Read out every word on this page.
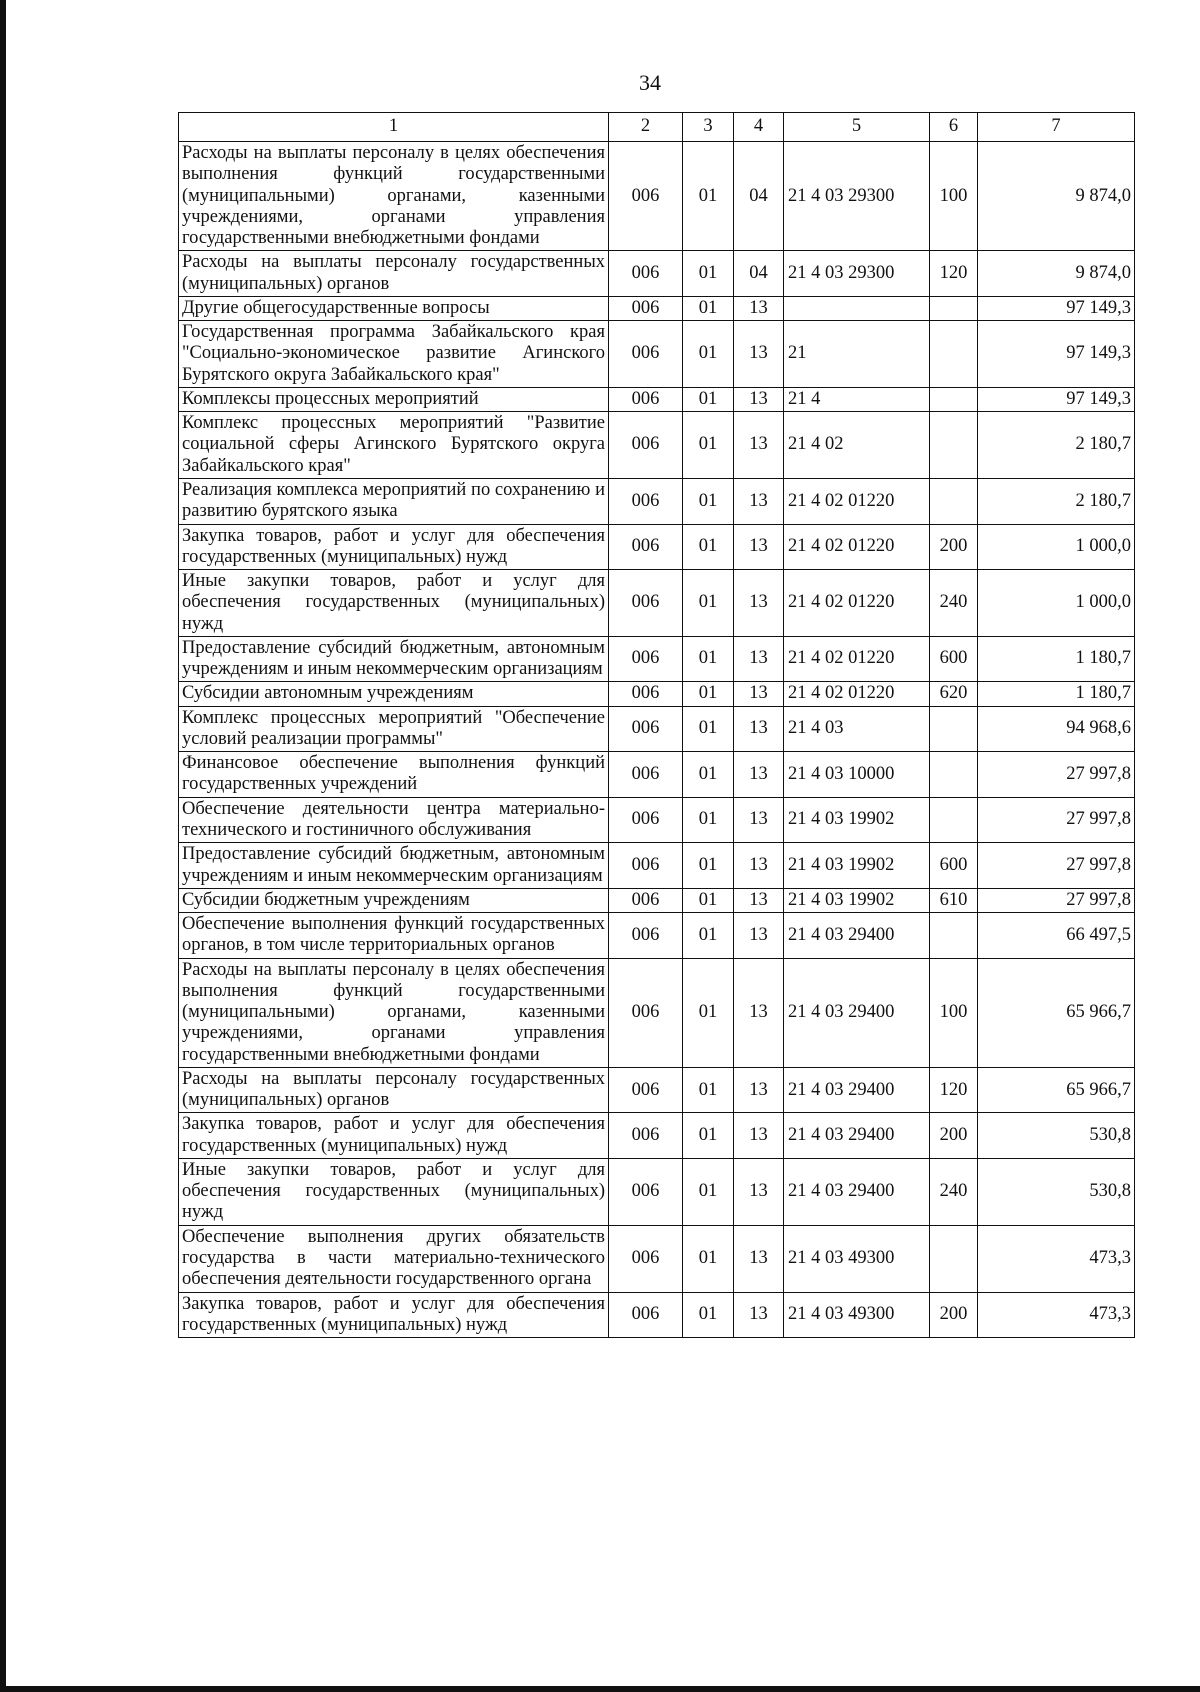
34
1	2	3	4	5	6	7
Расходы на выплаты персоналу в целях обеспечения выполнения функций государственными (муниципальными) органами, казенными учреждениями, органами управления государственными внебюджетными фондами	006	01	04	21 4 03 29300	100	9 874,0
Расходы на выплаты персоналу государственных (муниципальных) органов	006	01	04	21 4 03 29300	120	9 874,0
Другие общегосударственные вопросы	006	01	13			97 149,3
Государственная программа Забайкальского края "Социально-экономическое развитие Агинского Бурятского округа Забайкальского края"	006	01	13	21		97 149,3
Комплексы процессных мероприятий	006	01	13	21 4		97 149,3
Комплекс процессных мероприятий "Развитие социальной сферы Агинского Бурятского округа Забайкальского края"	006	01	13	21 4 02		2 180,7
Реализация комплекса мероприятий по сохранению и развитию бурятского языка	006	01	13	21 4 02 01220		2 180,7
Закупка товаров, работ и услуг для обеспечения государственных (муниципальных) нужд	006	01	13	21 4 02 01220	200	1 000,0
Иные закупки товаров, работ и услуг для обеспечения государственных (муниципальных) нужд	006	01	13	21 4 02 01220	240	1 000,0
Предоставление субсидий бюджетным, автономным учреждениям и иным некоммерческим организациям	006	01	13	21 4 02 01220	600	1 180,7
Субсидии автономным учреждениям	006	01	13	21 4 02 01220	620	1 180,7
Комплекс процессных мероприятий "Обеспечение условий реализации программы"	006	01	13	21 4 03		94 968,6
Финансовое обеспечение выполнения функций государственных учреждений	006	01	13	21 4 03 10000		27 997,8
Обеспечение деятельности центра материально-технического и гостиничного обслуживания	006	01	13	21 4 03 19902		27 997,8
Предоставление субсидий бюджетным, автономным учреждениям и иным некоммерческим организациям	006	01	13	21 4 03 19902	600	27 997,8
Субсидии бюджетным учреждениям	006	01	13	21 4 03 19902	610	27 997,8
Обеспечение выполнения функций государственных органов, в том числе территориальных органов	006	01	13	21 4 03 29400		66 497,5
Расходы на выплаты персоналу в целях обеспечения выполнения функций государственными (муниципальными) органами, казенными учреждениями, органами управления государственными внебюджетными фондами	006	01	13	21 4 03 29400	100	65 966,7
Расходы на выплаты персоналу государственных (муниципальных) органов	006	01	13	21 4 03 29400	120	65 966,7
Закупка товаров, работ и услуг для обеспечения государственных (муниципальных) нужд	006	01	13	21 4 03 29400	200	530,8
Иные закупки товаров, работ и услуг для обеспечения государственных (муниципальных) нужд	006	01	13	21 4 03 29400	240	530,8
Обеспечение выполнения других обязательств государства в части материально-технического обеспечения деятельности государственного органа	006	01	13	21 4 03 49300		473,3
Закупка товаров, работ и услуг для обеспечения государственных (муниципальных) нужд	006	01	13	21 4 03 49300	200	473,3
